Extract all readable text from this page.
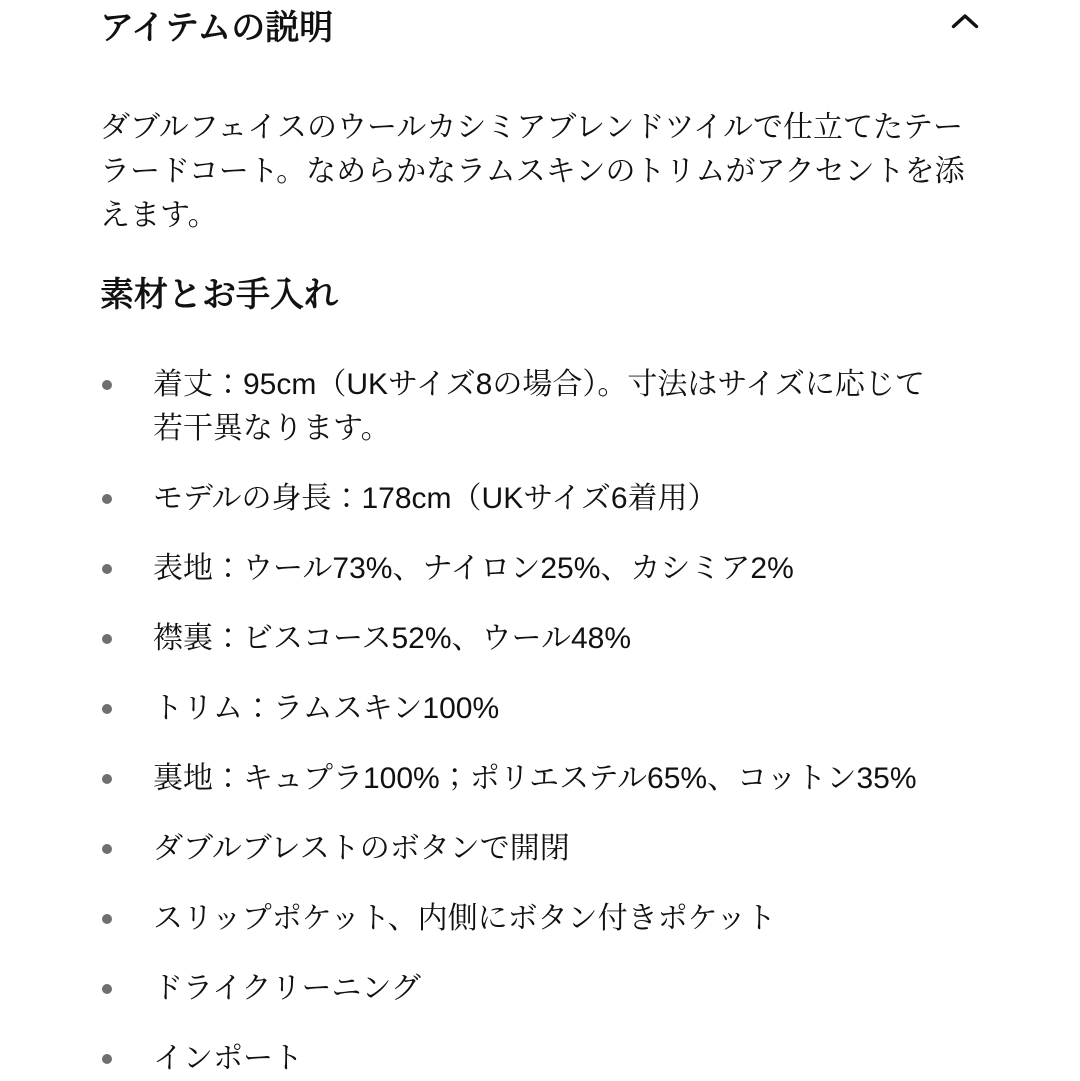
アイテムの説明

ダブルフェイスのウールカシミアブレンドツイルで仕立てたテーラードコート。なめらかなラムスキンのトリムがアクセントを添えます。

素材とお手入れ
着丈：95cm（UKサイズ8の場合）。寸法はサイズに応じて若干異なります。
モデルの身長：178cm（UKサイズ6着用）
表地：ウール73%、ナイロン25%、カシミア2%
襟裏：ビスコース52%、ウール48%
トリム：ラムスキン100%
裏地：キュプラ100%；ポリエステル65%、コットン35%
ダブルブレストのボタンで開閉
スリップポケット、内側にボタン付きポケット
ドライクリーニング
インポート
